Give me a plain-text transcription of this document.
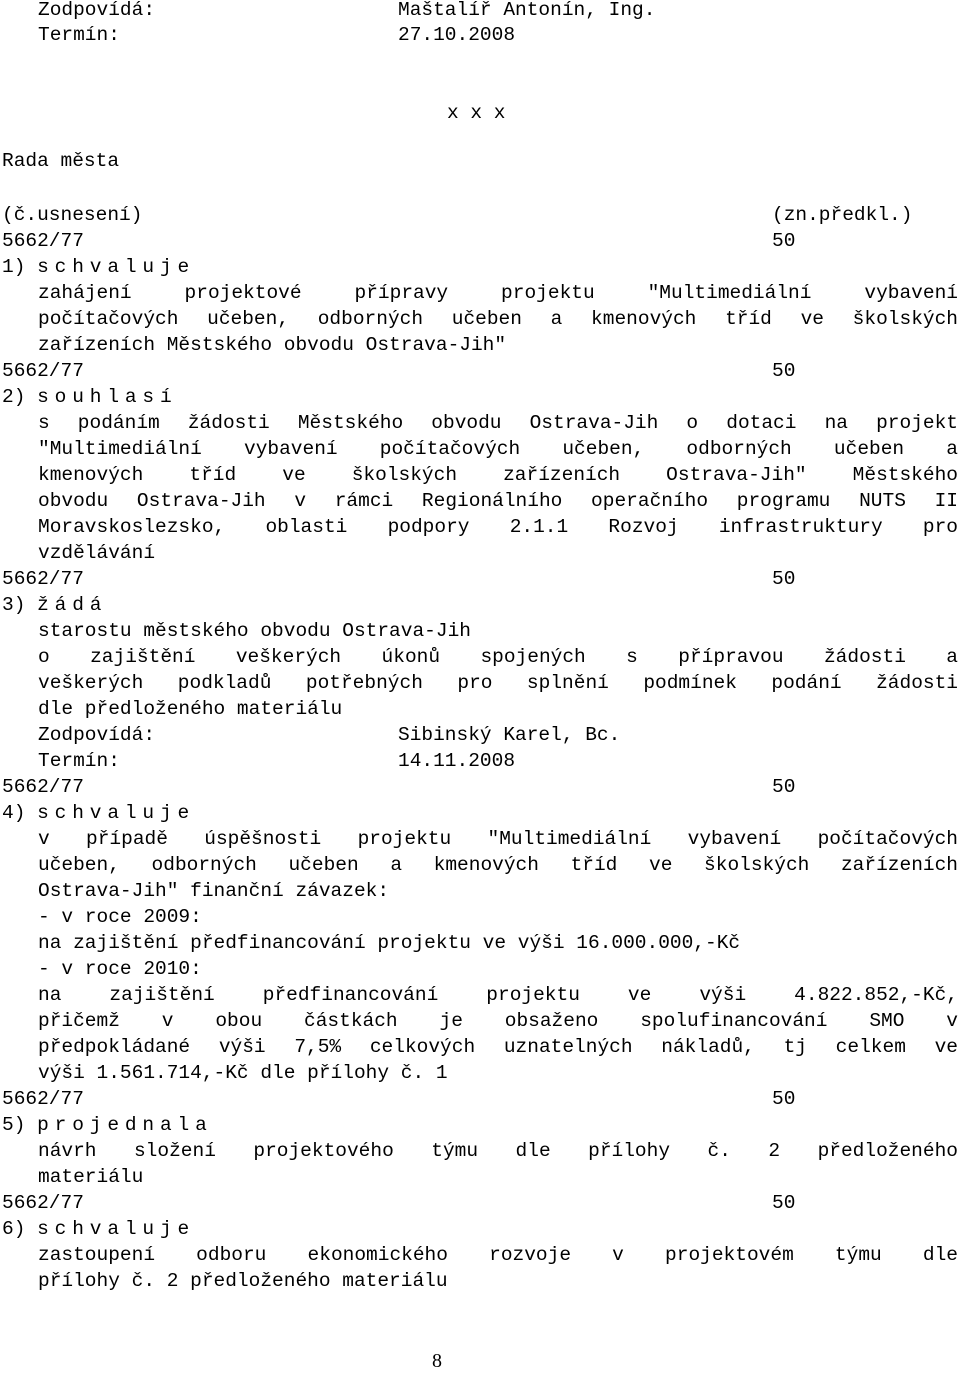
Zodpovídá:	Maštalíř Antonín, Ing.
Termín:	27.10.2008
x x x
Rada města
(č.usnesení)	(zn.předkl.)
5662/77	50
1) schvaluje
zahájení projektové přípravy projektu "Multimediální vybavení
počítačových učeben, odborných učeben a kmenových tříd ve školských
zařízeních Městského obvodu Ostrava-Jih"
5662/77	50
2) souhlasí
s podáním žádosti Městského obvodu Ostrava-Jih o dotaci na projekt
"Multimediální vybavení počítačových učeben, odborných učeben a
kmenových tříd ve školských zařízeních Ostrava-Jih" Městského
obvodu Ostrava-Jih v rámci Regionálního operačního programu NUTS II
Moravskoslezsko, oblasti podpory 2.1.1 Rozvoj infrastruktury pro
vzdělávání
5662/77	50
3) žádá
starostu městského obvodu Ostrava-Jih
o zajištění veškerých úkonů spojených s přípravou žádosti a
veškerých podkladů potřebných pro splnění podmínek podání žádosti
dle předloženého materiálu
Zodpovídá:	Sibinský Karel, Bc.
Termín:	14.11.2008
5662/77	50
4) schvaluje
v případě úspěšnosti projektu "Multimediální vybavení počítačových
učeben, odborných učeben a kmenových tříd ve školských zařízeních
Ostrava-Jih" finanční závazek:
- v roce 2009:
na zajištění předfinancování projektu ve výši 16.000.000,-Kč
- v roce 2010:
na zajištění předfinancování projektu ve výši 4.822.852,-Kč,
přičemž v obou částkách je obsaženo spolufinancování SMO v
předpokládané výši 7,5% celkových uznatelných nákladů, tj celkem ve
výši 1.561.714,-Kč dle přílohy č. 1
5662/77	50
5) projednala
návrh složení projektového týmu dle přílohy č. 2 předloženého
materiálu
5662/77	50
6) schvaluje
zastoupení odboru ekonomického rozvoje v projektovém týmu dle
přílohy č. 2 předloženého materiálu
8
